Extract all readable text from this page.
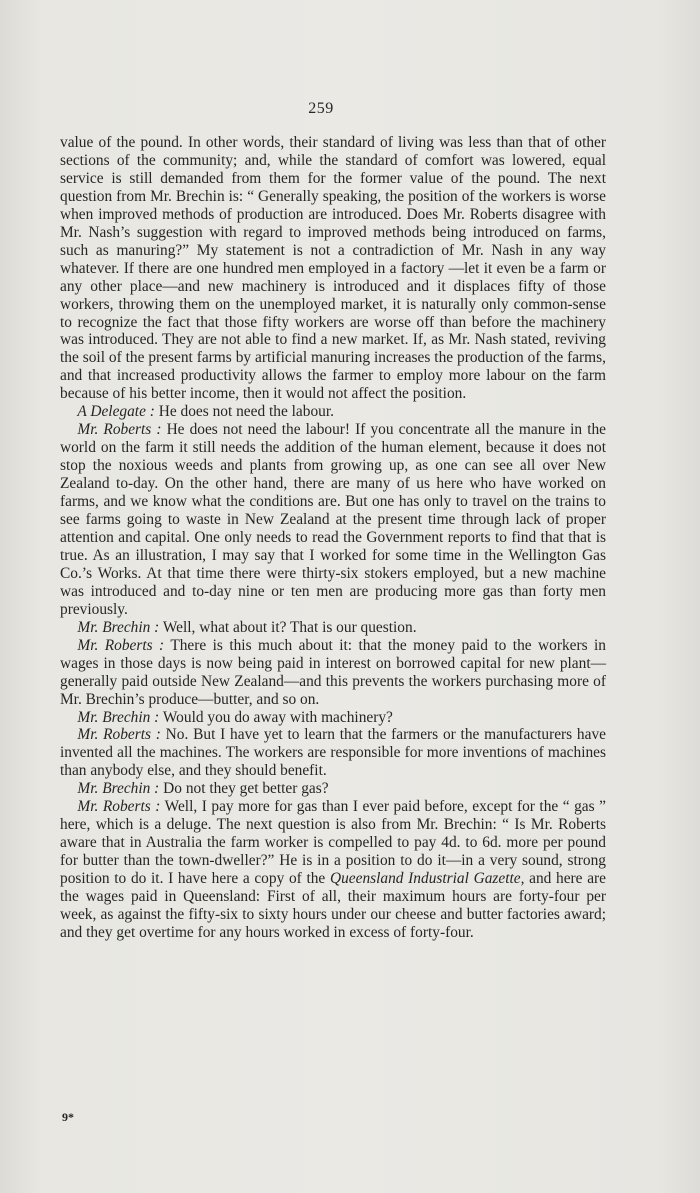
259

value of the pound. In other words, their standard of living was less than that of other sections of the community; and, while the standard of comfort was lowered, equal service is still demanded from them for the former value of the pound. The next question from Mr. Brechin is: “ Generally speaking, the position of the workers is worse when improved methods of production are introduced. Does Mr. Roberts disagree with Mr. Nash’s suggestion with regard to improved methods being introduced on farms, such as manuring?” My statement is not a contradiction of Mr. Nash in any way whatever. If there are one hundred men employed in a factory —let it even be a farm or any other place—and new machinery is introduced and it displaces fifty of those workers, throwing them on the unemployed market, it is naturally only common-sense to recognize the fact that those fifty workers are worse off than before the machinery was introduced. They are not able to find a new market. If, as Mr. Nash stated, reviving the soil of the present farms by artificial manuring increases the production of the farms, and that increased productivity allows the farmer to employ more labour on the farm because of his better income, then it would not affect the position.

 A Delegate : He does not need the labour.

 Mr. Roberts : He does not need the labour! If you concentrate all the manure in the world on the farm it still needs the addition of the human element, because it does not stop the noxious weeds and plants from growing up, as one can see all over New Zealand to-day. On the other hand, there are many of us here who have worked on farms, and we know what the conditions are. But one has only to travel on the trains to see farms going to waste in New Zealand at the present time through lack of proper attention and capital. One only needs to read the Government reports to find that that is true. As an illustration, I may say that I worked for some time in the Wellington Gas Co.’s Works. At that time there were thirty-six stokers employed, but a new machine was introduced and to-day nine or ten men are producing more gas than forty men previously.

 Mr. Brechin : Well, what about it? That is our question.

 Mr. Roberts : There is this much about it: that the money paid to the workers in wages in those days is now being paid in interest on borrowed capital for new plant—generally paid outside New Zealand—and this prevents the workers purchasing more of Mr. Brechin’s produce—butter, and so on.

 Mr. Brechin : Would you do away with machinery?

 Mr. Roberts : No. But I have yet to learn that the farmers or the manufacturers have invented all the machines. The workers are responsible for more inventions of machines than anybody else, and they should benefit.

 Mr. Brechin : Do not they get better gas?

 Mr. Roberts : Well, I pay more for gas than I ever paid before, except for the “ gas ” here, which is a deluge. The next question is also from Mr. Brechin: “ Is Mr. Roberts aware that in Australia the farm worker is compelled to pay 4d. to 6d. more per pound for butter than the town-dweller?” He is in a position to do it—in a very sound, strong position to do it. I have here a copy of the Queensland Industrial Gazette, and here are the wages paid in Queensland: First of all, their maximum hours are forty-four per week, as against the fifty-six to sixty hours under our cheese and butter factories award; and they get overtime for any hours worked in excess of forty-four.

9*
